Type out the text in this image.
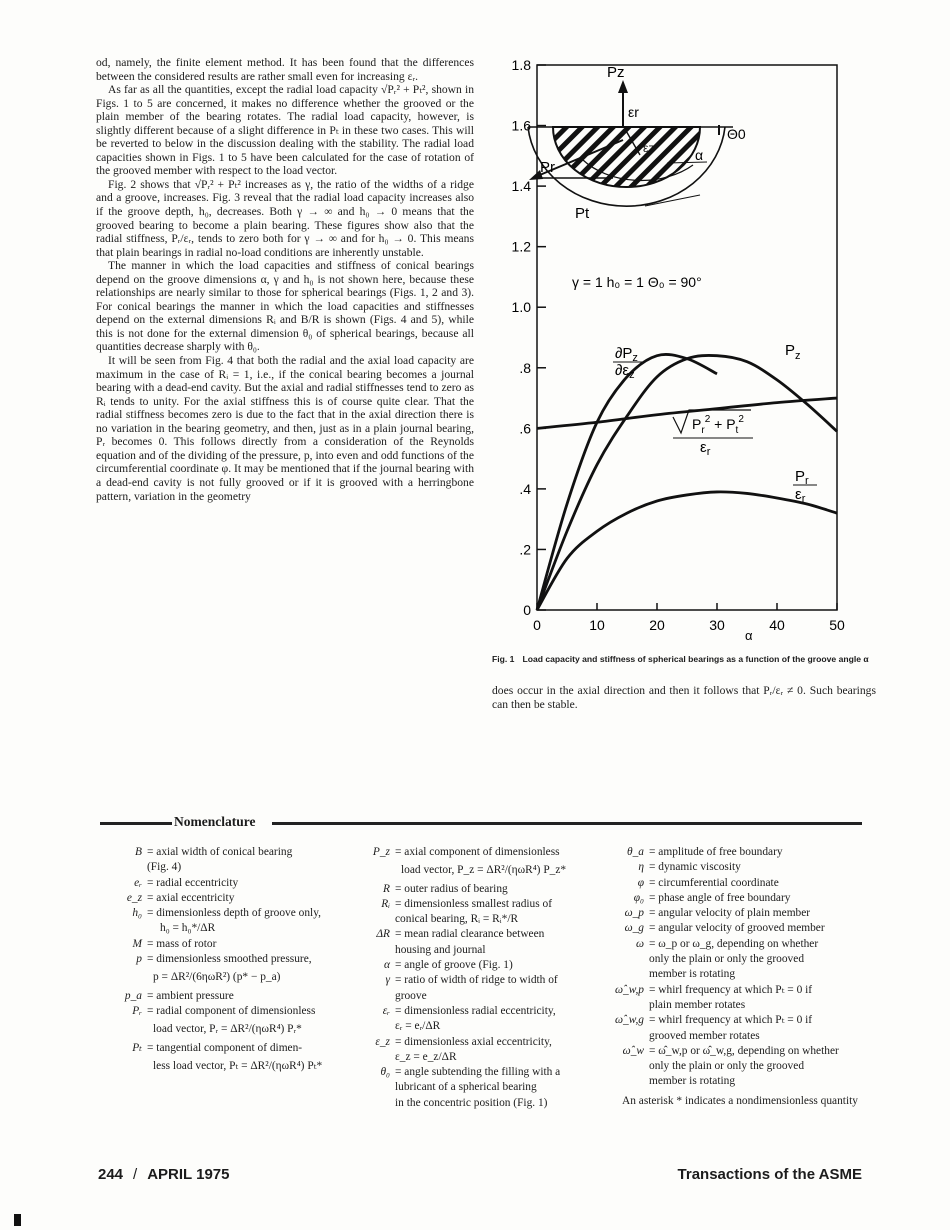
od, namely, the finite element method. It has been found that the differences between the considered results are rather small even for increasing εᵣ.

As far as all the quantities, except the radial load capacity √Pᵣ² + Pₜ², shown in Figs. 1 to 5 are concerned, it makes no difference whether the grooved or the plain member of the bearing rotates. The radial load capacity, however, is slightly different because of a slight difference in Pₜ in these two cases. This will be reverted to below in the discussion dealing with the stability. The radial load capacities shown in Figs. 1 to 5 have been calculated for the case of rotation of the grooved member with respect to the load vector.

Fig. 2 shows that √Pᵣ² + Pₜ² increases as γ, the ratio of the widths of a ridge and a groove, increases. Fig. 3 reveal that the radial load capacity increases also if the groove depth, h₀, decreases. Both γ → ∞ and h₀ → 0 means that the grooved bearing to become a plain bearing. These figures show also that the radial stiffness, Pᵣ/εᵣ, tends to zero both for γ → ∞ and for h₀ → 0. This means that plain bearings in radial no-load conditions are inherently unstable.

The manner in which the load capacities and stiffness of conical bearings depend on the groove dimensions α, γ and h₀ is not shown here, because these relationships are nearly similar to those for spherical bearings (Figs. 1, 2 and 3). For conical bearings the manner in which the load capacities and stiffnesses depend on the external dimensions Rᵢ and B/R is shown (Figs. 4 and 5), while this is not done for the external dimension θ₀ of spherical bearings, because all quantities decrease sharply with θ₀.

It will be seen from Fig. 4 that both the radial and the axial load capacity are maximum in the case of Rᵢ = 1, i.e., if the conical bearing becomes a journal bearing with a dead-end cavity. But the axial and radial stiffnesses tend to zero as Rᵢ tends to unity. For the axial stiffness this is of course quite clear. That the radial stiffness becomes zero is due to the fact that in the axial direction there is no variation in the bearing geometry, and then, just as in a plain journal bearing, Pᵣ becomes 0. This follows directly from a consideration of the Reynolds equation and of the dividing of the pressure, p, into even and odd functions of the circumferential coordinate φ. It may be mentioned that if the journal bearing with a dead-end cavity is not fully grooved or if it is grooved with a herringbone pattern, variation in the geometry

0	10	20	30	40	50
0
.2
.4
.6
.8
1.0
1.2
1.4
1.6
1.8	Pz
εr
Θ0
εz	α
Pr
Pt
γ = 1 h₀ = 1 Θ₀ = 90°
α
$\partial P_z$
$\partial\varepsilon_z$
$P_z$
$P_r^2 + P_t^2$
$\varepsilon_r$
$P_r$
$\varepsilon_r$
Fig. 1 Load capacity and stiffness of spherical bearings as a function of the groove angle α
does occur in the axial direction and then it follows that Pᵣ/εᵣ ≠ 0. Such bearings can then be stable.
Nomenclature
B = axial width of conical bearing
(Fig. 4)
eᵣ = radial eccentricity
e_z = axial eccentricity
h₀ = dimensionless depth of groove only,
h₀ = h₀*/ΔR
M = mass of rotor
p = dimensionless smoothed pressure,
p = ΔR²/(6ηωR²) (p* − p_a)
p_a = ambient pressure
Pᵣ = radial component of dimensionless
load vector, Pᵣ = ΔR²/(ηωR⁴) Pᵣ*
Pₜ = tangential component of dimen-
less load vector, Pₜ = ΔR²/(ηωR⁴) Pₜ*
P_z = axial component of dimensionless
load vector, P_z = ΔR²/(ηωR⁴) P_z*
R = outer radius of bearing
Rᵢ = dimensionless smallest radius of
conical bearing, Rᵢ = Rᵢ*/R
ΔR = mean radial clearance between
housing and journal
α = angle of groove (Fig. 1)
γ = ratio of width of ridge to width of
groove
εᵣ = dimensionless radial eccentricity,
εᵣ = eᵣ/ΔR
ε_z = dimensionless axial eccentricity,
ε_z = e_z/ΔR
θ₀ = angle subtending the filling with a
lubricant of a spherical bearing
in the concentric position (Fig. 1)
θ_a = amplitude of free boundary
η = dynamic viscosity
φ = circumferential coordinate
φ₀ = phase angle of free boundary
ω_p = angular velocity of plain member
ω_g = angular velocity of grooved member
ω = ω_p or ω_g, depending on whether
only the plain or only the grooved
member is rotating
ω̂_w,p = whirl frequency at which Pₜ = 0 if
plain member rotates
ω̂_w,g = whirl frequency at which Pₜ = 0 if
grooved member rotates
ω̂_w = ω̂_w,p or ω̂_w,g, depending on whether
only the plain or only the grooved
member is rotating
An asterisk * indicates a nondimensionless quantity
244 / APRIL 1975	Transactions of the ASME
